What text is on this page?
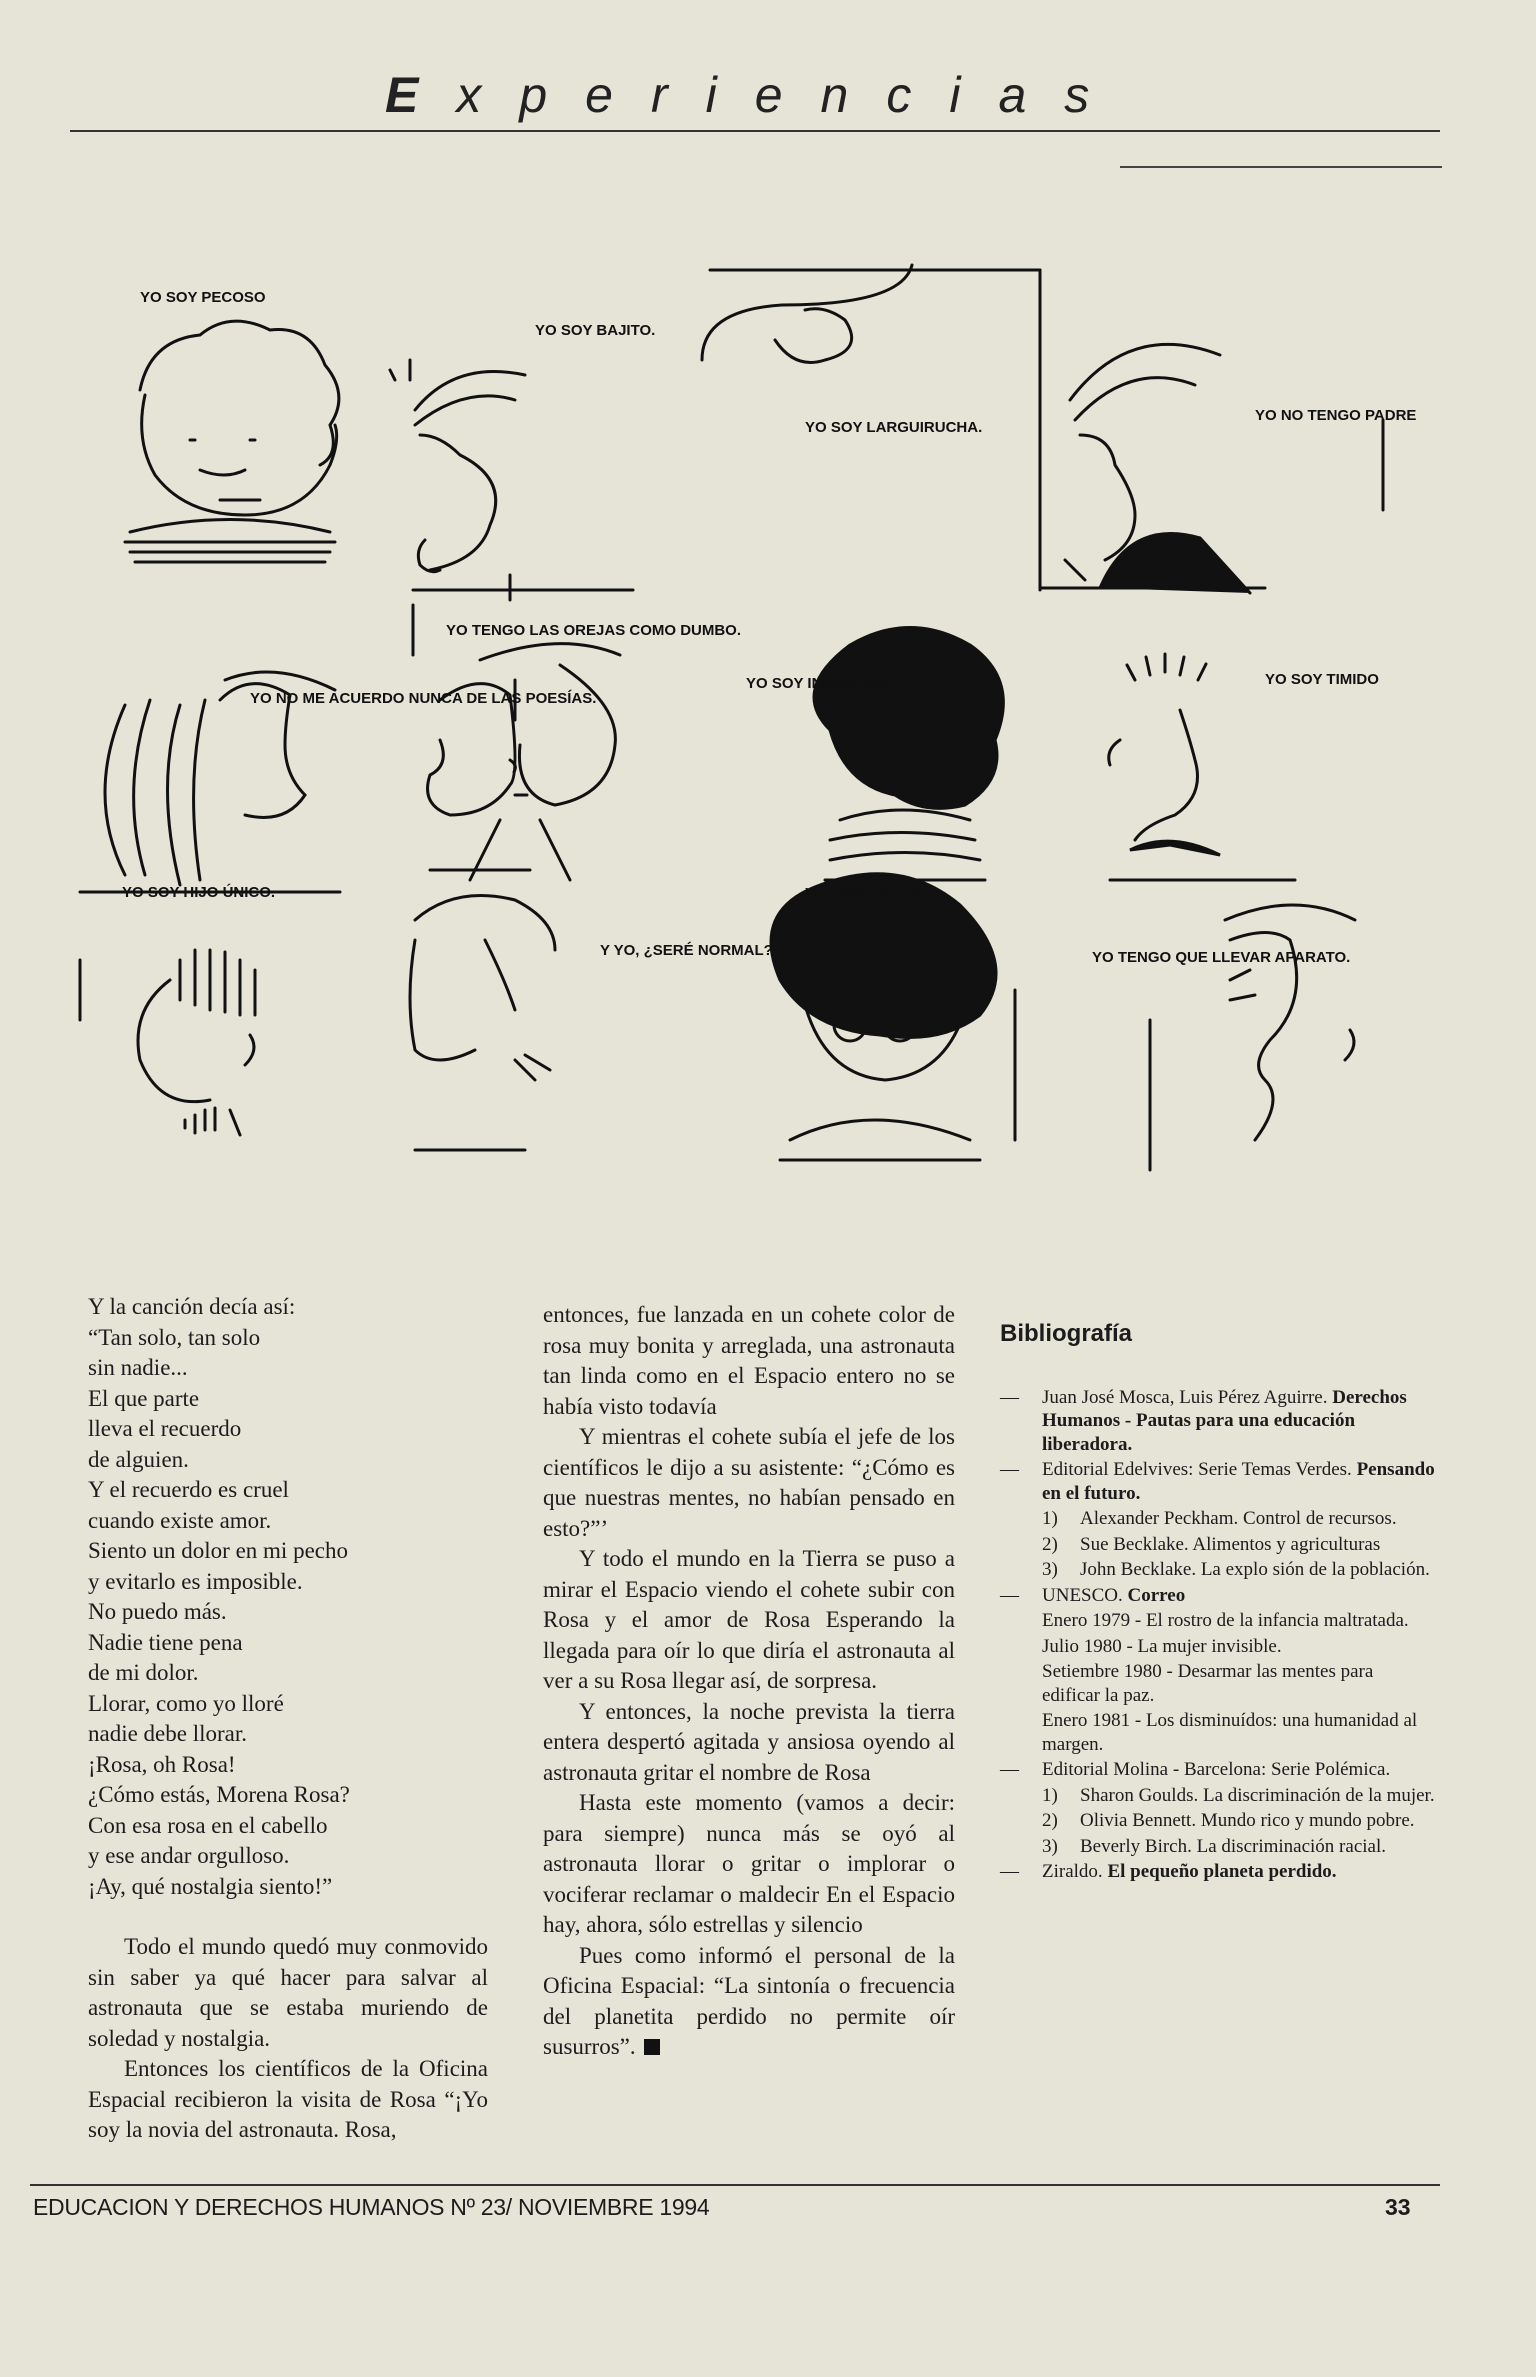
Experiencias
YO SOY PECOSO
YO SOY BAJITO.
YO SOY LARGUIRUCHA.
YO NO TENGO PADRE
YO TENGO LAS OREJAS COMO DUMBO.
YO NO ME ACUERDO NUNCA DE LAS POESÍAS.
YO SOY INMIGRANTE	YO SOY TIMIDO
YO SOY HIJO ÚNICO.
Y YO, ¿SERÉ NORMAL?
YO USO GAFAS.
YO TENGO QUE LLEVAR APARATO.
Y la canción decía así:
“Tan solo, tan solo
sin nadie...
El que parte
lleva el recuerdo
de alguien.
Y el recuerdo es cruel
cuando existe amor.
Siento un dolor en mi pecho
y evitarlo es imposible.
No puedo más.
Nadie tiene pena
de mi dolor.
Llorar, como yo lloré
nadie debe llorar.
¡Rosa, oh Rosa!
¿Cómo estás, Morena Rosa?
Con esa rosa en el cabello
y ese andar orgulloso.
¡Ay, qué nostalgia siento!”

Todo el mundo quedó muy conmovido sin saber ya qué hacer para salvar al astronauta que se estaba muriendo de soledad y nostalgia.

Entonces los científicos de la Oficina Espacial recibieron la visita de Rosa “¡Yo soy la novia del astronauta. Rosa,

entonces, fue lanzada en un cohete color de rosa muy bonita y arreglada, una astronauta tan linda como en el Espacio entero no se había visto todavía

Y mientras el cohete subía el jefe de los científicos le dijo a su asistente: “¿Cómo es que nuestras mentes, no habían pensado en esto?”’

Y todo el mundo en la Tierra se puso a mirar el Espacio viendo el cohete subir con Rosa y el amor de Rosa Esperando la llegada para oír lo que diría el astronauta al ver a su Rosa llegar así, de sorpresa.

Y entonces, la noche prevista la tierra entera despertó agitada y ansiosa oyendo al astronauta gritar el nombre de Rosa

Hasta este momento (vamos a decir: para siempre) nunca más se oyó al astronauta llorar o gritar o implorar o vociferar reclamar o maldecir En el Espacio hay, ahora, sólo estrellas y silencio

Pues como informó el personal de la Oficina Espacial: “La sintonía o frecuencia del planetita perdido no permite oír susurros”.

Bibliografía
— Juan José Mosca, Luis Pérez Aguirre. Derechos Humanos - Pautas para una educación liberadora.
— Editorial Edelvives: Serie Temas Verdes. Pensando en el futuro.
1)	Alexander Peckham. Control de recursos.
2)	Sue Becklake. Alimentos y agriculturas
3)	John Becklake. La explo sión de la población.
— UNESCO. Correo
Enero 1979 - El rostro de la infancia maltratada.
Julio 1980 - La mujer invisible.
Setiembre 1980 - Desarmar las mentes para edificar la paz.
Enero 1981 - Los disminuídos: una humanidad al margen.
— Editorial Molina - Barcelona: Serie Polémica.
1)	Sharon Goulds. La discriminación de la mujer.
2)	Olivia Bennett. Mundo rico y mundo pobre.
3)	Beverly Birch. La discriminación racial.
— Ziraldo. El pequeño planeta perdido.
EDUCACION Y DERECHOS HUMANOS Nº 23/ NOVIEMBRE 1994	33
